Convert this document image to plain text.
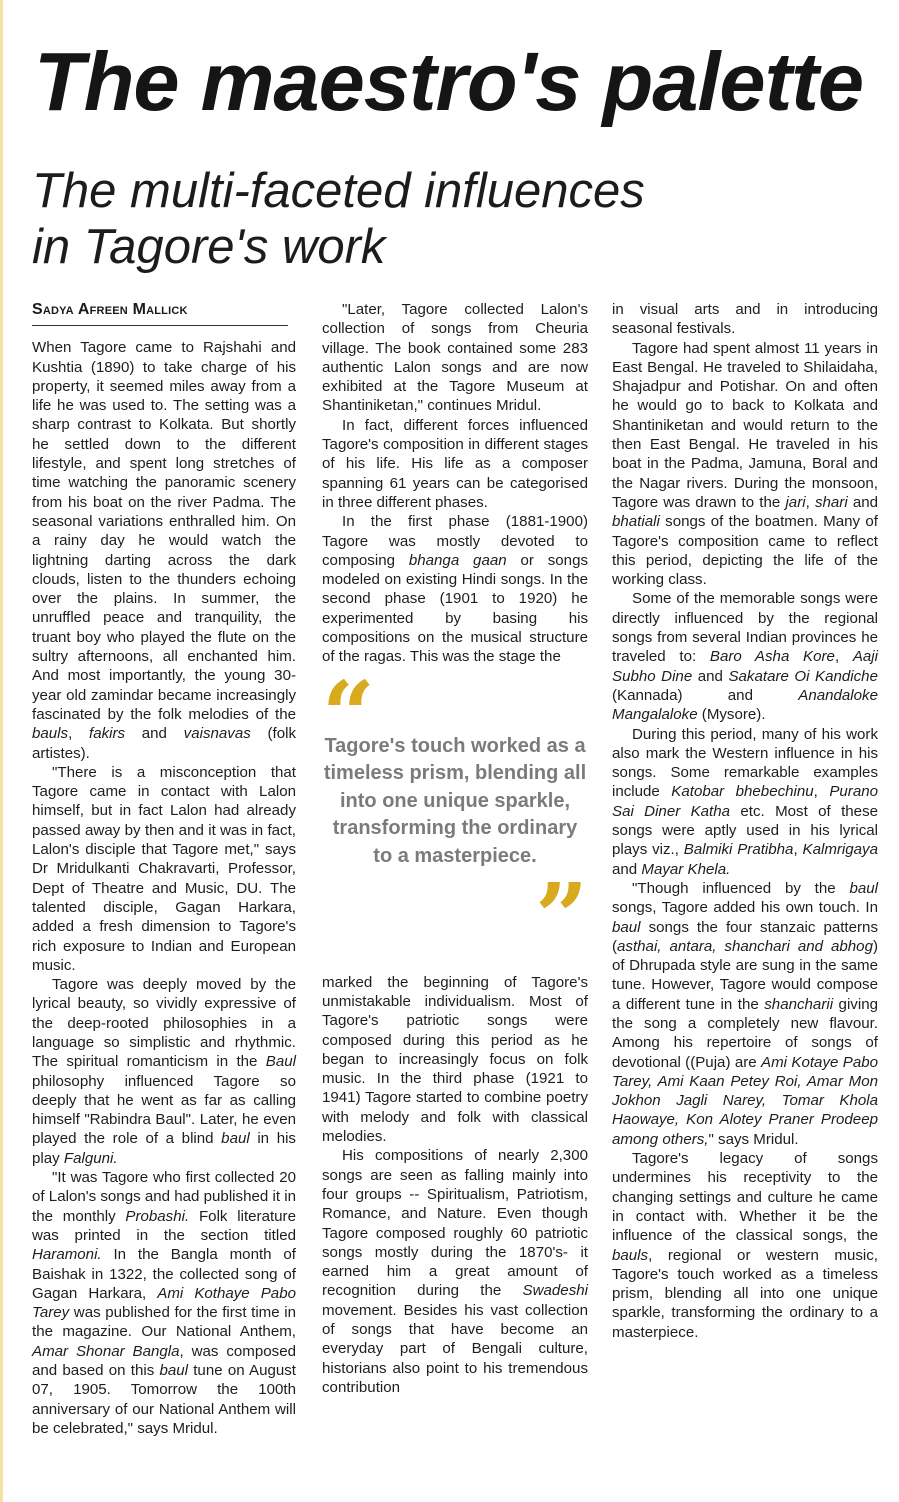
The maestro's palette
The multi-faceted influences
in Tagore's work
Sadya Afreen Mallick

When Tagore came to Rajshahi and Kushtia (1890) to take charge of his property, it seemed miles away from a life he was used to. The setting was a sharp contrast to Kolkata. But shortly he settled down to the different lifestyle, and spent long stretches of time watching the panoramic scenery from his boat on the river Padma. The seasonal variations enthralled him. On a rainy day he would watch the lightning darting across the dark clouds, listen to the thunders echoing over the plains. In summer, the unruffled peace and tranquility, the truant boy who played the flute on the sultry afternoons, all enchanted him. And most importantly, the young 30-year old zamindar became increasingly fascinated by the folk melodies of the bauls, fakirs and vaisnavas (folk artistes).

"There is a misconception that Tagore came in contact with Lalon himself, but in fact Lalon had already passed away by then and it was in fact, Lalon's disciple that Tagore met," says Dr Mridulkanti Chakravarti, Professor, Dept of Theatre and Music, DU. The talented disciple, Gagan Harkara, added a fresh dimension to Tagore's rich exposure to Indian and European music.

Tagore was deeply moved by the lyrical beauty, so vividly expressive of the deep-rooted philosophies in a language so simplistic and rhythmic. The spiritual romanticism in the Baul philosophy influenced Tagore so deeply that he went as far as calling himself "Rabindra Baul". Later, he even played the role of a blind baul in his play Falguni.

"It was Tagore who first collected 20 of Lalon's songs and had published it in the monthly Probashi. Folk literature was printed in the section titled Haramoni. In the Bangla month of Baishak in 1322, the collected song of Gagan Harkara, Ami Kothaye Pabo Tarey was published for the first time in the magazine. Our National Anthem, Amar Shonar Bangla, was composed and based on this baul tune on August 07, 1905. Tomorrow the 100th anniversary of our National Anthem will be celebrated," says Mridul.

"Later, Tagore collected Lalon's collection of songs from Cheuria village. The book contained some 283 authentic Lalon songs and are now exhibited at the Tagore Museum at Shantiniketan," continues Mridul.

In fact, different forces influenced Tagore's composition in different stages of his life. His life as a composer spanning 61 years can be categorised in three different phases.

In the first phase (1881-1900) Tagore was mostly devoted to composing bhanga gaan or songs modeled on existing Hindi songs. In the second phase (1901 to 1920) he experimented by basing his compositions on the musical structure of the ragas. This was the stage the

“
Tagore's touch worked as a timeless prism, blending all into one unique sparkle, transforming the ordinary to a masterpiece.
”

marked the beginning of Tagore's unmistakable individualism. Most of Tagore's patriotic songs were composed during this period as he began to increasingly focus on folk music. In the third phase (1921 to 1941) Tagore started to combine poetry with melody and folk with classical melodies.

His compositions of nearly 2,300 songs are seen as falling mainly into four groups -- Spiritualism, Patriotism, Romance, and Nature. Even though Tagore composed roughly 60 patriotic songs mostly during the 1870's- it earned him a great amount of recognition during the Swadeshi movement. Besides his vast collection of songs that have become an everyday part of Bengali culture, historians also point to his tremendous contribution

in visual arts and in introducing seasonal festivals.

Tagore had spent almost 11 years in East Bengal. He traveled to Shilaidaha, Shajadpur and Potishar. On and often he would go to back to Kolkata and Shantiniketan and would return to the then East Bengal. He traveled in his boat in the Padma, Jamuna, Boral and the Nagar rivers. During the monsoon, Tagore was drawn to the jari, shari and bhatiali songs of the boatmen. Many of Tagore's composition came to reflect this period, depicting the life of the working class.

Some of the memorable songs were directly influenced by the regional songs from several Indian provinces he traveled to: Baro Asha Kore, Aaji Subho Dine and Sakatare Oi Kandiche (Kannada) and Anandaloke Mangalaloke (Mysore).

During this period, many of his work also mark the Western influence in his songs. Some remarkable examples include Katobar bhebechinu, Purano Sai Diner Katha etc. Most of these songs were aptly used in his lyrical plays viz., Balmiki Pratibha, Kalmrigaya and Mayar Khela.

"Though influenced by the baul songs, Tagore added his own touch. In baul songs the four stanzaic patterns (asthai, antara, shanchari and abhog) of Dhrupada style are sung in the same tune. However, Tagore would compose a different tune in the shancharii giving the song a completely new flavour. Among his repertoire of songs of devotional ((Puja) are Ami Kotaye Pabo Tarey, Ami Kaan Petey Roi, Amar Mon Jokhon Jagli Narey, Tomar Khola Haowaye, Kon Alotey Praner Prodeep among others," says Mridul.

Tagore's legacy of songs undermines his receptivity to the changing settings and culture he came in contact with. Whether it be the influence of the classical songs, the bauls, regional or western music, Tagore's touch worked as a timeless prism, blending all into one unique sparkle, transforming the ordinary to a masterpiece.
